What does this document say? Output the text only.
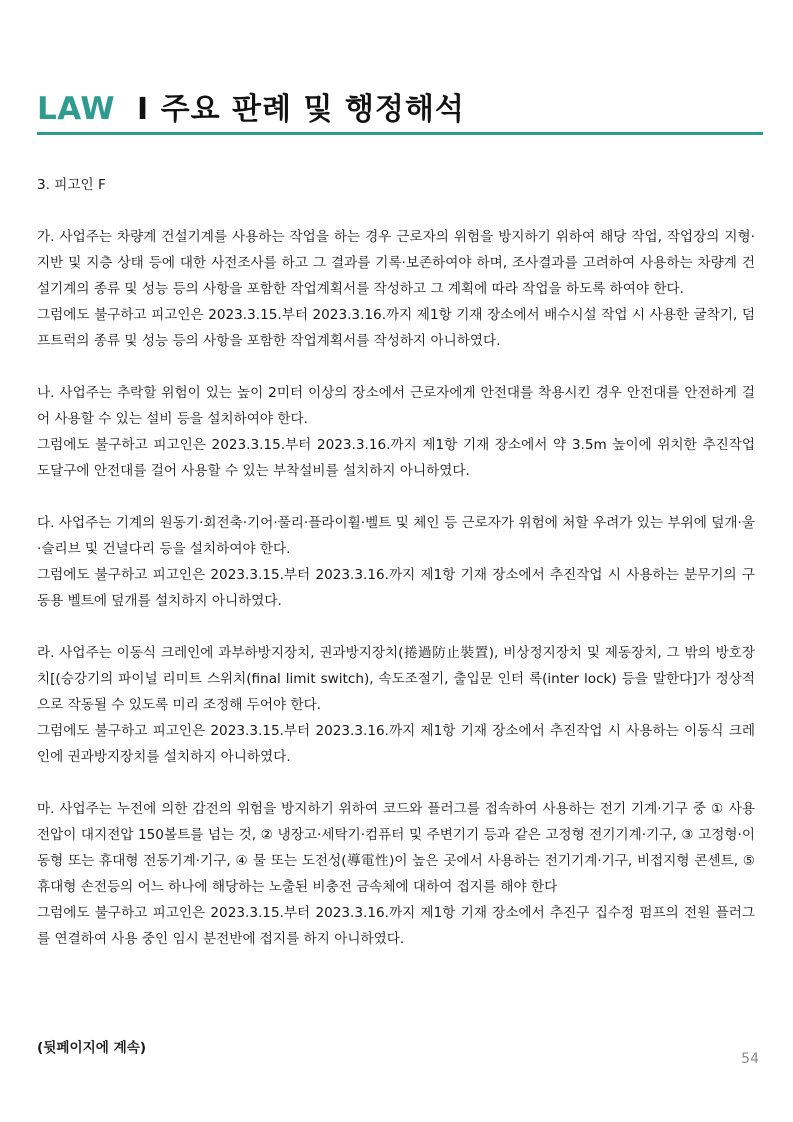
LAW I 주요 판례 및 행정해석

3. 피고인 F

가. 사업주는 차량계 건설기계를 사용하는 작업을 하는 경우 근로자의 위험을 방지하기 위하여 해당 작업, 작업장의 지형·지반 및 지층 상태 등에 대한 사전조사를 하고 그 결과를 기록·보존하여야 하며, 조사결과를 고려하여 사용하는 차량계 건설기계의 종류 및 성능 등의 사항을 포함한 작업계획서를 작성하고 그 계획에 따라 작업을 하도록 하여야 한다.

그럼에도 불구하고 피고인은 2023.3.15.부터 2023.3.16.까지 제1항 기재 장소에서 배수시설 작업 시 사용한 굴착기, 덤프트럭의 종류 및 성능 등의 사항을 포함한 작업계획서를 작성하지 아니하였다.

나. 사업주는 추락할 위험이 있는 높이 2미터 이상의 장소에서 근로자에게 안전대를 착용시킨 경우 안전대를 안전하게 걸어 사용할 수 있는 설비 등을 설치하여야 한다.

그럼에도 불구하고 피고인은 2023.3.15.부터 2023.3.16.까지 제1항 기재 장소에서 약 3.5m 높이에 위치한 추진작업 도달구에 안전대를 걸어 사용할 수 있는 부착설비를 설치하지 아니하였다.

다. 사업주는 기계의 원동기·회전축·기어·풀리·플라이휠·벨트 및 체인 등 근로자가 위험에 처할 우려가 있는 부위에 덮개·울·슬리브 및 건널다리 등을 설치하여야 한다.

그럼에도 불구하고 피고인은 2023.3.15.부터 2023.3.16.까지 제1항 기재 장소에서 추진작업 시 사용하는 분무기의 구동용 벨트에 덮개를 설치하지 아니하였다.

라. 사업주는 이동식 크레인에 과부하방지장치, 권과방지장치(捲過防止裝置), 비상정지장치 및 제동장치, 그 밖의 방호장치[(승강기의 파이널 리미트 스위치(final limit switch), 속도조절기, 출입문 인터 록(inter lock) 등을 말한다]가 정상적으로 작동될 수 있도록 미리 조정해 두어야 한다.

그럼에도 불구하고 피고인은 2023.3.15.부터 2023.3.16.까지 제1항 기재 장소에서 추진작업 시 사용하는 이동식 크레인에 권과방지장치를 설치하지 아니하였다.

마. 사업주는 누전에 의한 감전의 위험을 방지하기 위하여 코드와 플러그를 접속하여 사용하는 전기 기계·기구 중 ① 사용전압이 대지전압 150볼트를 넘는 것, ② 냉장고·세탁기·컴퓨터 및 주변기기 등과 같은 고정형 전기기계·기구, ③ 고정형·이동형 또는 휴대형 전동기계·기구, ④ 물 또는 도전성(導電性)이 높은 곳에서 사용하는 전기기계·기구, 비접지형 콘센트, ⑤ 휴대형 손전등의 어느 하나에 해당하는 노출된 비충전 금속체에 대하여 접지를 해야 한다

그럼에도 불구하고 피고인은 2023.3.15.부터 2023.3.16.까지 제1항 기재 장소에서 추진구 집수정 펌프의 전원 플러그를 연결하여 사용 중인 임시 분전반에 접지를 하지 아니하였다.

(뒷페이지에 계속)
54
